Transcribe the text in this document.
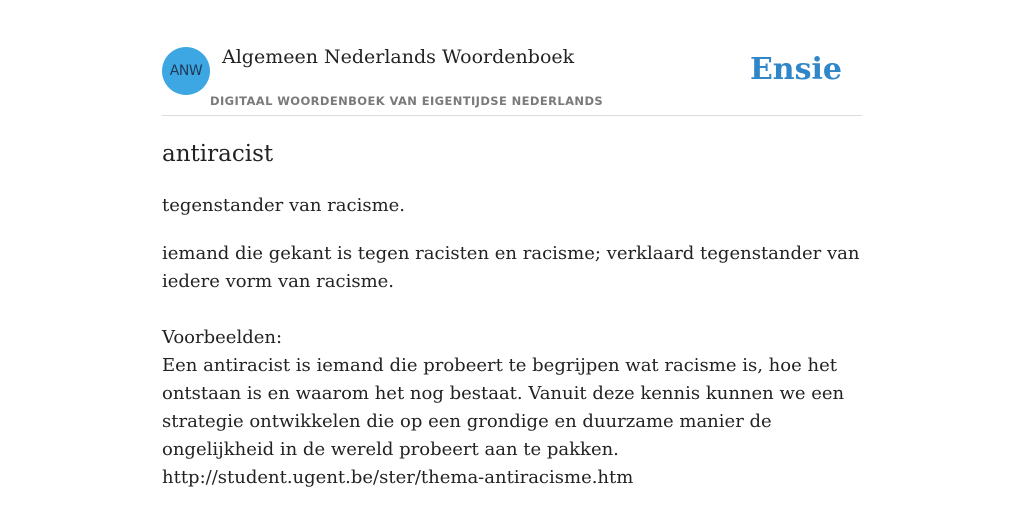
ANW
Algemeen Nederlands Woordenboek
DIGITAAL WOORDENBOEK VAN EIGENTIJDSE NEDERLANDS
Ensie
antiracist
tegenstander van racisme.

iemand die gekant is tegen racisten en racisme; verklaard tegenstander van iedere vorm van racisme.

Voorbeelden:

Een antiracist is iemand die probeert te begrijpen wat racisme is, hoe het ontstaan is en waarom het nog bestaat. Vanuit deze kennis kunnen we een strategie ontwikkelen die op een grondige en duurzame manier de ongelijkheid in de wereld probeert aan te pakken.

http://student.ugent.be/ster/thema-antiracisme.htm
